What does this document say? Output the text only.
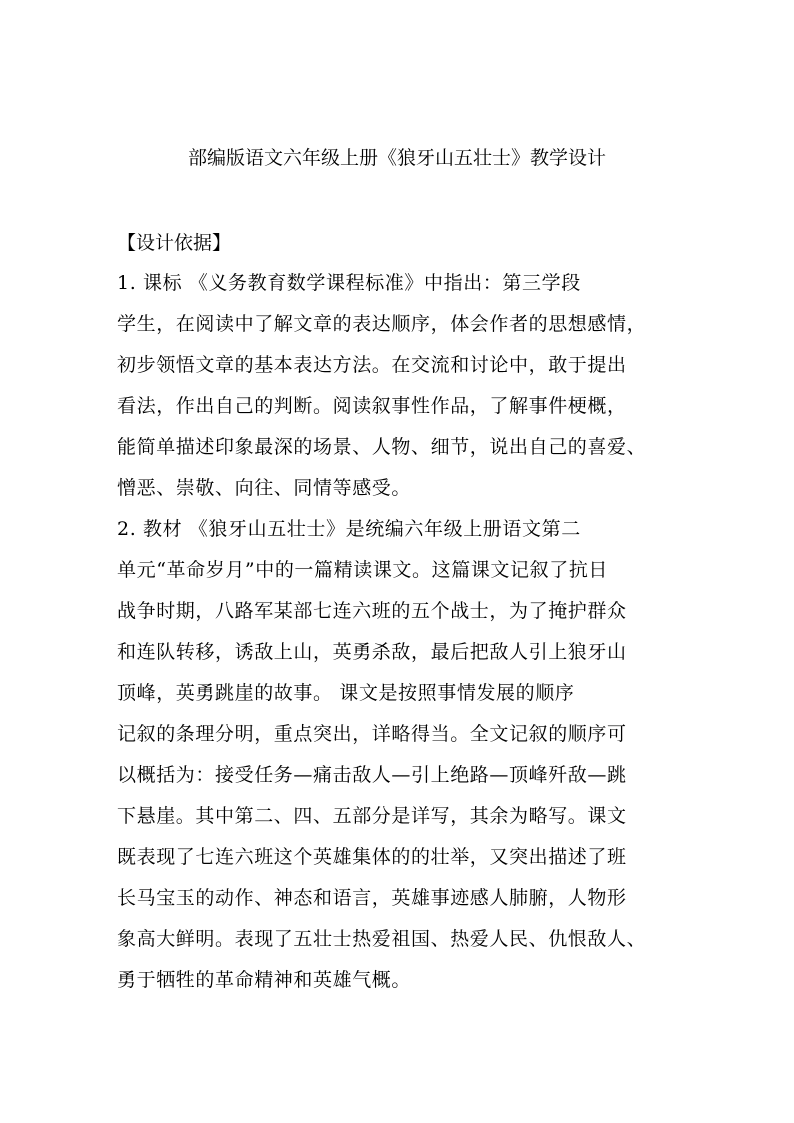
部编版语文六年级上册《狼牙山五壮士》教学设计
【设计依据】
1. 课标 《义务教育数学课程标准》中指出：第三学段
学生，在阅读中了解文章的表达顺序，体会作者的思想感情，
初步领悟文章的基本表达方法。在交流和讨论中，敢于提出
看法，作出自己的判断。阅读叙事性作品，了解事件梗概，
能简单描述印象最深的场景、人物、细节，说出自己的喜爱、
憎恶、崇敬、向往、同情等感受。
2. 教材 《狼牙山五壮士》是统编六年级上册语文第二
单元“革命岁月”中的一篇精读课文。这篇课文记叙了抗日
战争时期，八路军某部七连六班的五个战士，为了掩护群众
和连队转移，诱敌上山，英勇杀敌，最后把敌人引上狼牙山
顶峰，英勇跳崖的故事。 课文是按照事情发展的顺序
记叙的条理分明，重点突出，详略得当。全文记叙的顺序可
以概括为：接受任务—痛击敌人—引上绝路—顶峰歼敌—跳
下悬崖。其中第二、四、五部分是详写，其余为略写。课文
既表现了七连六班这个英雄集体的的壮举，又突出描述了班
长马宝玉的动作、神态和语言，英雄事迹感人肺腑，人物形
象高大鲜明。表现了五壮士热爱祖国、热爱人民、仇恨敌人、
勇于牺牲的革命精神和英雄气概。
